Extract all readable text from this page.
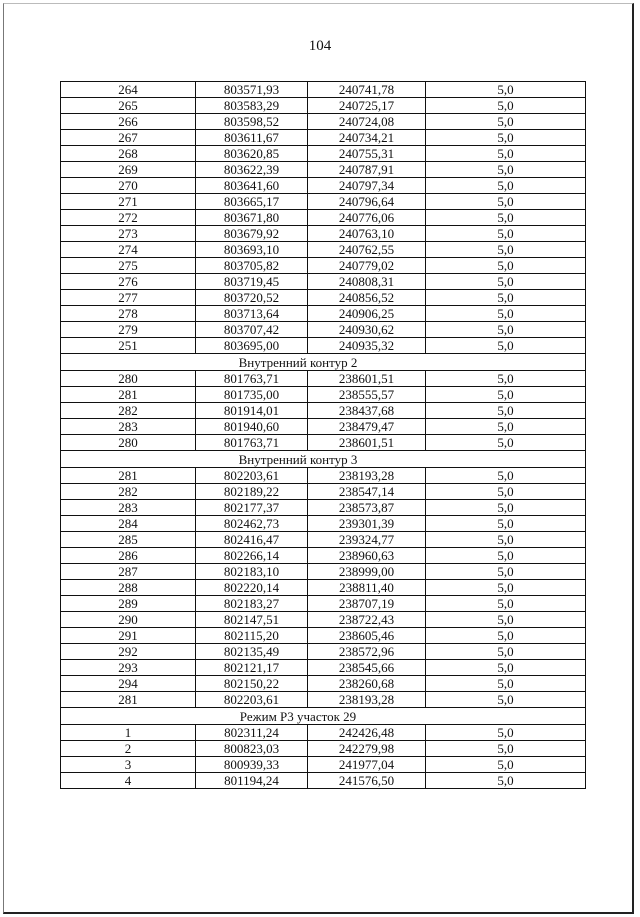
104
264	803571,93	240741,78	5,0
265	803583,29	240725,17	5,0
266	803598,52	240724,08	5,0
267	803611,67	240734,21	5,0
268	803620,85	240755,31	5,0
269	803622,39	240787,91	5,0
270	803641,60	240797,34	5,0
271	803665,17	240796,64	5,0
272	803671,80	240776,06	5,0
273	803679,92	240763,10	5,0
274	803693,10	240762,55	5,0
275	803705,82	240779,02	5,0
276	803719,45	240808,31	5,0
277	803720,52	240856,52	5,0
278	803713,64	240906,25	5,0
279	803707,42	240930,62	5,0
251	803695,00	240935,32	5,0
Внутренний контур 2			
280	801763,71	238601,51	5,0
281	801735,00	238555,57	5,0
282	801914,01	238437,68	5,0
283	801940,60	238479,47	5,0
280	801763,71	238601,51	5,0
Внутренний контур 3			
281	802203,61	238193,28	5,0
282	802189,22	238547,14	5,0
283	802177,37	238573,87	5,0
284	802462,73	239301,39	5,0
285	802416,47	239324,77	5,0
286	802266,14	238960,63	5,0
287	802183,10	238999,00	5,0
288	802220,14	238811,40	5,0
289	802183,27	238707,19	5,0
290	802147,51	238722,43	5,0
291	802115,20	238605,46	5,0
292	802135,49	238572,96	5,0
293	802121,17	238545,66	5,0
294	802150,22	238260,68	5,0
281	802203,61	238193,28	5,0
Режим Р3 участок 29			
1	802311,24	242426,48	5,0
2	800823,03	242279,98	5,0
3	800939,33	241977,04	5,0
4	801194,24	241576,50	5,0
